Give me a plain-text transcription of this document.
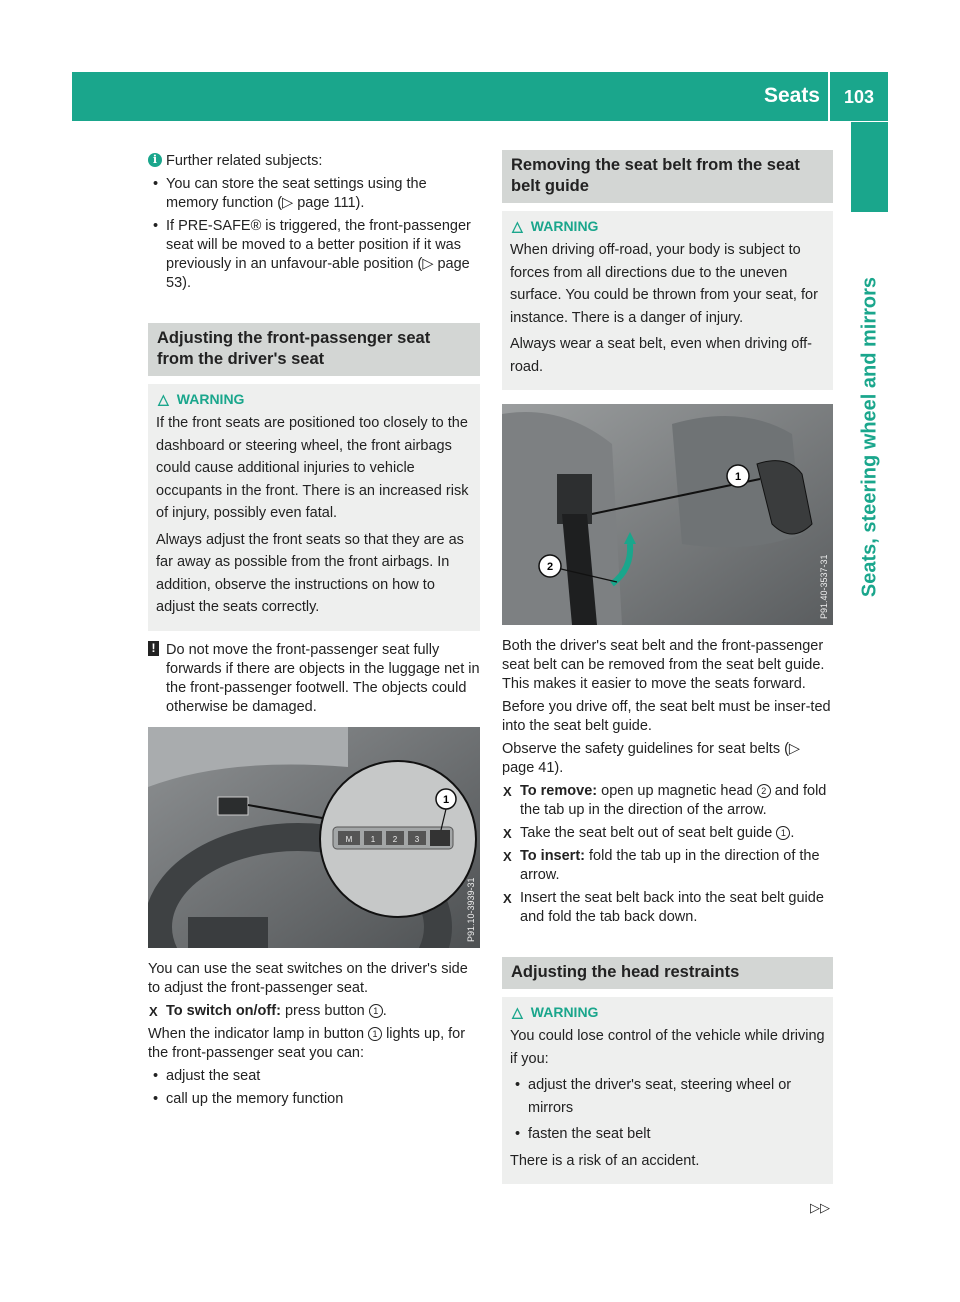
Seats 103
Seats, steering wheel and mirrors

i Further related subjects:

• You can store the seat settings using the memory function (▷ page 111).

• If PRE-SAFE® is triggered, the front-passenger seat will be moved to a better position if it was previously in an unfavour-able position (▷ page 53).

Adjusting the front-passenger seat from the driver's seat
△ WARNING

If the front seats are positioned too closely to the dashboard or steering wheel, the front airbags could cause additional injuries to vehicle occupants in the front. There is an increased risk of injury, possibly even fatal.

Always adjust the front seats so that they are as far away as possible from the front airbags. In addition, observe the instructions on how to adjust the seats correctly.

! Do not move the front-passenger seat fully forwards if there are objects in the luggage net in the front-passenger footwell. The objects could otherwise be damaged.

M 1 2 3
1
P91.10-3939-31

You can use the seat switches on the driver's side to adjust the front-passenger seat.

X To switch on/off: press button 1 .

When the indicator lamp in button 1 lights up, for the front-passenger seat you can:

• adjust the seat

• call up the memory function

Removing the seat belt from the seat belt guide
△ WARNING

When driving off-road, your body is subject to forces from all directions due to the uneven surface. You could be thrown from your seat, for instance. There is a danger of injury.

Always wear a seat belt, even when driving off-road.

1
2	P91.40-3537-31

Both the driver's seat belt and the front-passenger seat belt can be removed from the seat belt guide. This makes it easier to move the seats forward.

Before you drive off, the seat belt must be inser-ted into the seat belt guide.

Observe the safety guidelines for seat belts (▷ page 41).

X To remove: open up magnetic head 2 and fold the tab up in the direction of the arrow.

X Take the seat belt out of seat belt guide 1 .

X To insert: fold the tab up in the direction of the arrow.

X Insert the seat belt back into the seat belt guide and fold the tab back down.

Adjusting the head restraints
△ WARNING

You could lose control of the vehicle while driving if you:

• adjust the driver's seat, steering wheel or mirrors

• fasten the seat belt

There is a risk of an accident.

▷▷
